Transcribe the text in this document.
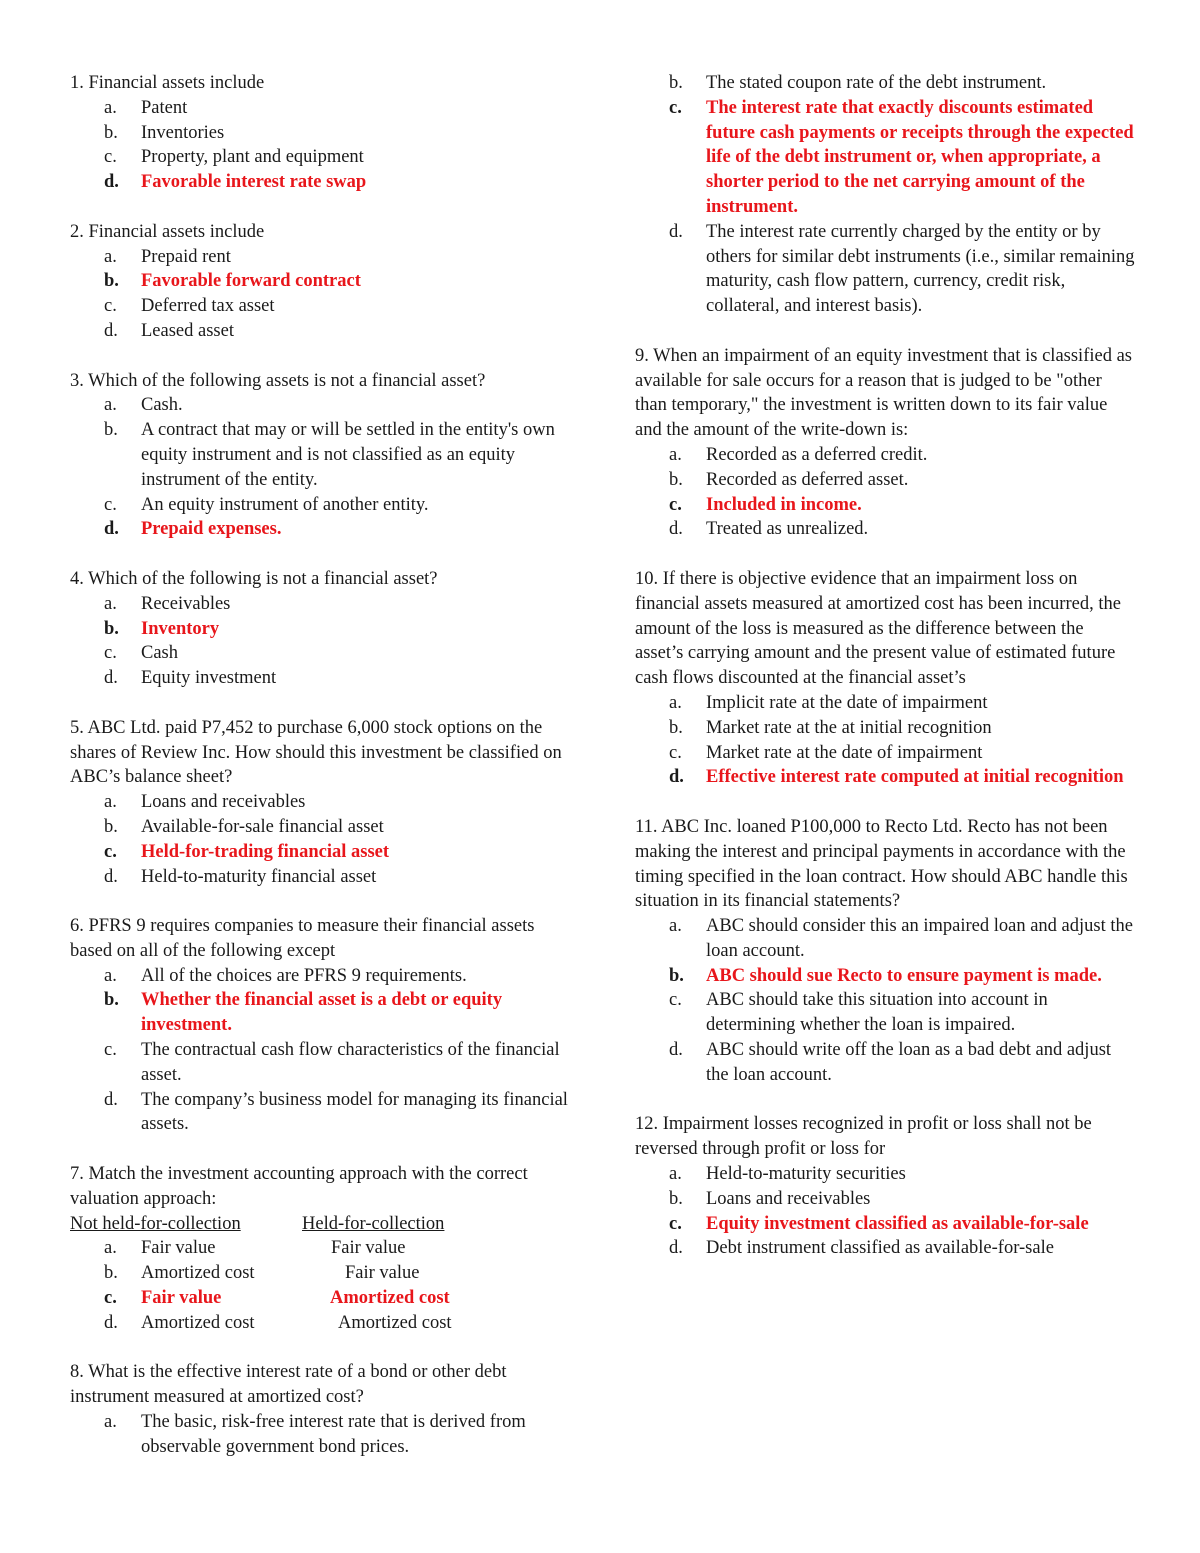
1. Financial assets include

a. Patent
b. Inventories
c. Property, plant and equipment
d. Favorable interest rate swap

2. Financial assets include

a. Prepaid rent
b. Favorable forward contract
c. Deferred tax asset
d. Leased asset

3. Which of the following assets is not a financial asset?

a. Cash.
b. A contract that may or will be settled in the entity's own equity instrument and is not classified as an equity instrument of the entity.
c. An equity instrument of another entity.
d. Prepaid expenses.

4. Which of the following is not a financial asset?

a. Receivables
b. Inventory
c. Cash
d. Equity investment

5. ABC Ltd. paid P7,452 to purchase 6,000 stock options on the shares of Review Inc. How should this investment be classified on ABC’s balance sheet?

a. Loans and receivables
b. Available-for-sale financial asset
c. Held-for-trading financial asset
d. Held-to-maturity financial asset

6. PFRS 9 requires companies to measure their financial assets based on all of the following except

a. All of the choices are PFRS 9 requirements.
b. Whether the financial asset is a debt or equity investment.
c. The contractual cash flow characteristics of the financial asset.
d. The company’s business model for managing its financial assets.

7. Match the investment accounting approach with the correct valuation approach:

Not held-for-collection	Held-for-collection
a. Fair value	Fair value
b. Amortized cost	Fair value
c. Fair value	Amortized cost
d. Amortized cost	Amortized cost

8. What is the effective interest rate of a bond or other debt instrument measured at amortized cost?

a. The basic, risk-free interest rate that is derived from observable government bond prices.
b. The stated coupon rate of the debt instrument.
c. The interest rate that exactly discounts estimated future cash payments or receipts through the expected life of the debt instrument or, when appropriate, a shorter period to the net carrying amount of the instrument.
d. The interest rate currently charged by the entity or by others for similar debt instruments (i.e., similar remaining maturity, cash flow pattern, currency, credit risk, collateral, and interest basis).

9. When an impairment of an equity investment that is classified as available for sale occurs for a reason that is judged to be "other than temporary," the investment is written down to its fair value and the amount of the write-down is:

a. Recorded as a deferred credit.
b. Recorded as deferred asset.
c. Included in income.
d. Treated as unrealized.

10. If there is objective evidence that an impairment loss on financial assets measured at amortized cost has been incurred, the amount of the loss is measured as the difference between the asset’s carrying amount and the present value of estimated future cash flows discounted at the financial asset’s

a. Implicit rate at the date of impairment
b. Market rate at the at initial recognition
c. Market rate at the date of impairment
d. Effective interest rate computed at initial recognition

11. ABC Inc. loaned P100,000 to Recto Ltd. Recto has not been making the interest and principal payments in accordance with the timing specified in the loan contract. How should ABC handle this situation in its financial statements?

a. ABC should consider this an impaired loan and adjust the loan account.
b. ABC should sue Recto to ensure payment is made.
c. ABC should take this situation into account in determining whether the loan is impaired.
d. ABC should write off the loan as a bad debt and adjust the loan account.

12. Impairment losses recognized in profit or loss shall not be reversed through profit or loss for

a. Held-to-maturity securities
b. Loans and receivables
c. Equity investment classified as available-for-sale
d. Debt instrument classified as available-for-sale
